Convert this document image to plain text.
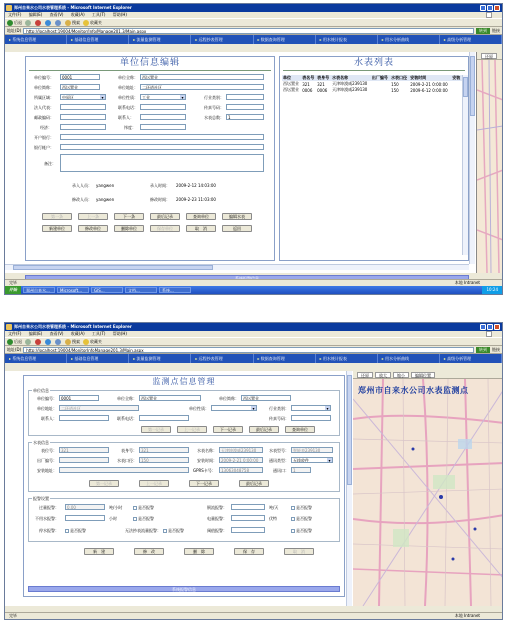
郑州自来水公司水表管理系统 - Microsoft Internet Explorer
文件(F) 编辑(E) 查看(V) 收藏(A) 工具(T) 帮助(H)
后退	搜索	收藏夹
地址(D)	http://localhost:19004/Monitor/Info/Manage201.3/Main.aspx	转到	链接
▸ 系统信息管理	▸ 基础信息管理	▸ 流量监测管理	▸ 远程抄表管理	▸ 数据查询管理	▸ 用水统计报表	▸ 用水分析曲线	▸ 高级分析管理
单位信息编辑
单位编号：	0001	单位全称：	西坛置业
单位简称：	西坛置业	单位地址：	二环道社区
所属区域：	中原区 ▾	单位性质：	工业 ▾	行业类别：
法人代表：	联系电话：	传真号码：
邮政编码：	联系人：	水表总数：	1
经济：	纬度：
开户银行：
银行帐户：
备注：
录入人员： yangwen	录入时间： 2009-2-12 14:03:00
修改人员： yangwen	修改时间： 2009-2-23 11:03:00
第一条	上一条	下一条	最后记录	查询单位	编辑水表
新建单位	修改单位	删除单位	保存单位	取　消	返回
水表列表
单位	表名号	表身号	水表名称	出厂编号	水表口径	安装时间	安装
西坛置业	321	321	天津坤漠威239130		150	2009-2-21 0:00:00	
西坛置业	0006	0006	天津坤漠威239130		150	2009-6-12 0:00:00	
还原
开始	郑州自来水...	Microsoft...	GIS...	文档...	系统...	10:24
完毕	本地 Intranet
郑州自来水公司水表管理系统 - Microsoft Internet Explorer
文件(F) 编辑(E) 查看(V) 收藏(A) 工具(T) 帮助(H)
后退	搜索	收藏夹
地址(D)	http://localhost:19004/MonitorInfoManage201.3/Main.aspx	转到	链接
▸ 系统信息管理	▸ 基础信息管理	▸ 流量监测管理	▸ 远程抄表管理	▸ 数据查询管理	▸ 用水统计报表	▸ 用水分析曲线	▸ 高级分析管理
监测点信息管理
单位信息
单位编号：	0001	单位全称：	西坛置业	单位简称：	西坛置业
单位地址：	二环道社区	单位性质： ▾	行业类别：
▾
联系人：	联系电话：	传真号码：
第一记录	上一记录	下一记录	最后记录	查询单位
水表信息
表位号：	321	表身号：	321	水表名称：	天津坤漠威239130	水表型号：	智能表239130
出厂编号：	水表口径：	150	安装时间：	2009-2-21 0:00:00	通讯类型：	无线收件 ▾
安装地址：	GPRS卡号：	13063048758	通讯口：	1
第一记录	上一记录	下一记录	最后记录
报警设置
过量报警：	0.00	吨/小时	是否报警	倒流报警：	吨/天	是否报警
不用水报警：	小时	是否报警	电量报警：	伏特	是否报警
停水报警：	是否报警	无法抄表流量报警：	是否报警	阀值报警：	是否报警
新　建	修　改	删　除	保　存	取　消
系统报警信息
还原	放大	缩小	编辑位置
郑州市自来水公司水表监测点
完毕	本地 Intranet
